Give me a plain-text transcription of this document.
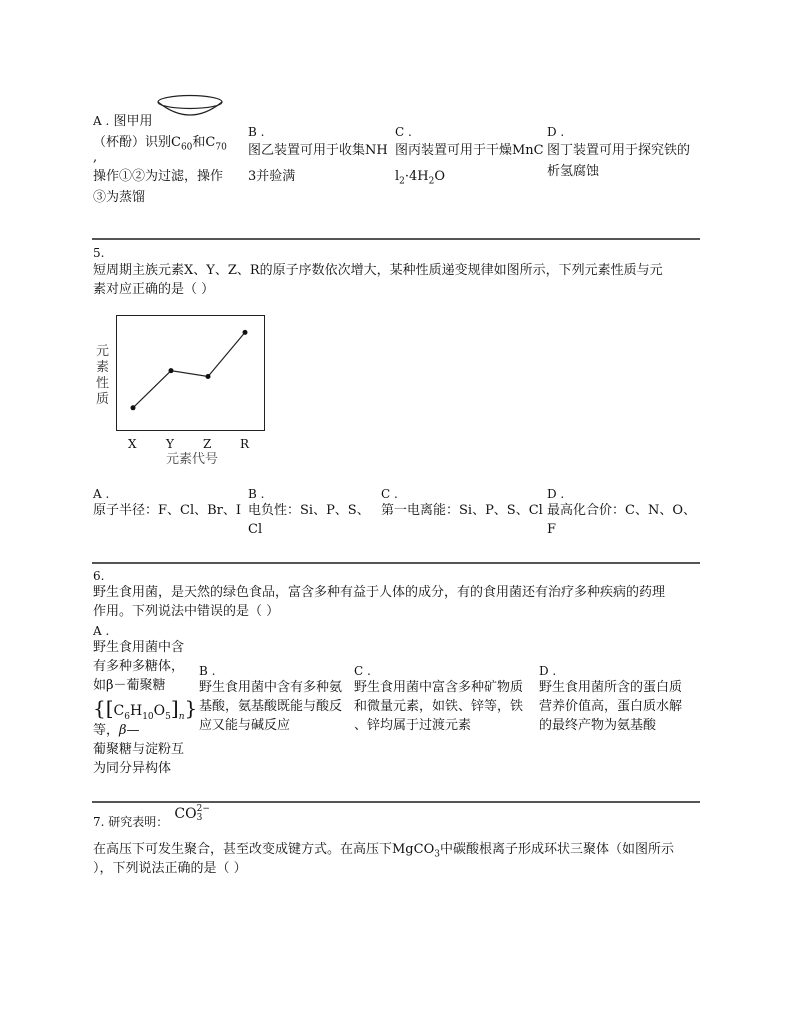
A . 图甲用
（杯酚）识别$C_{60}$和$C_{70}$
,
操作①②为过滤，操作
③为蒸馏
B .
图乙装置可用于收集NH
3并验满
C .
图丙装置可用于干燥MnC
$l_2\cdot 4H_2O$
D .
图丁装置可用于探究铁的
析氢腐蚀
5.
短周期主族元素X、Y、Z、R的原子序数依次增大，某种性质递变规律如图所示，下列元素性质与元
素对应正确的是（ ）
元素性质
X Y Z R
元素代号
A .
原子半径：F、Cl、Br、I
B .
电负性：Si、P、S、
Cl
C .
第一电离能：Si、P、S、Cl
D .
最高化合价：C、N、O、
F
6.
野生食用菌，是天然的绿色食品，富含多种有益于人体的成分，有的食用菌还有治疗多种疾病的药理
作用。下列说法中错误的是（ ）
A .
野生食用菌中含
有多种多糖体，
如β－葡聚糖
$\{[C_6H_{10}O_5]_n\}$
等，β—
葡聚糖与淀粉互
为同分异构体
B .
野生食用菌中含有多种氨
基酸，氨基酸既能与酸反
应又能与碱反应
C .
野生食用菌中富含多种矿物质
和微量元素，如铁、锌等，铁
、锌均属于过渡元素
D .
野生食用菌所含的蛋白质
营养价值高，蛋白质水解
的最终产物为氨基酸
7. 研究表明： CO 2−
3
在高压下可发生聚合，甚至改变成键方式。在高压下MgCO$_3$中碳酸根离子形成环状三聚体（如图所示
），下列说法正确的是（ ）
